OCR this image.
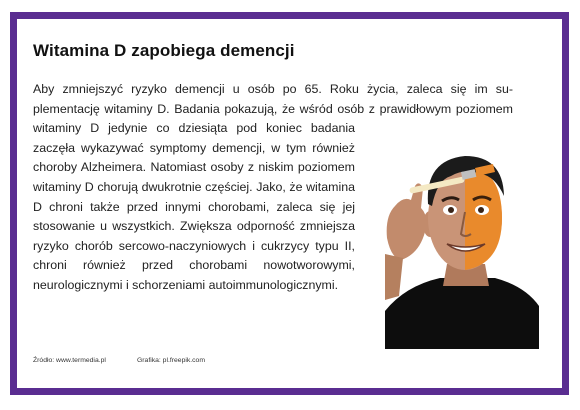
Witamina D zapobiega demencji
Aby zmniejszyć ryzyko demencji u osób po 65. Roku życia, zaleca się im suplementację witaminy D. Badania pokazują, że wśród osób z prawidłowym poziomem witaminy D jedynie co dziesiąta pod koniec badania zaczęła wykazywać symptomy demencji, w tym również choroby Alzheimera. Natomiast osoby z niskim poziomem witaminy D chorują dwukrotnie częściej. Jako, że witamina D chroni także przed innymi chorobami, zaleca się jej stosowanie u wszystkich. Zwiększa odporność zmniejsza ryzyko chorób sercowo-naczyniowych i cukrzycy typu II, chroni również przed chorobami nowotworowymi, neurologicznymi i schorzeniami autoimmunologicznymi.
Źródło: www.termedia.pl	Grafika: pl.freepik.com
